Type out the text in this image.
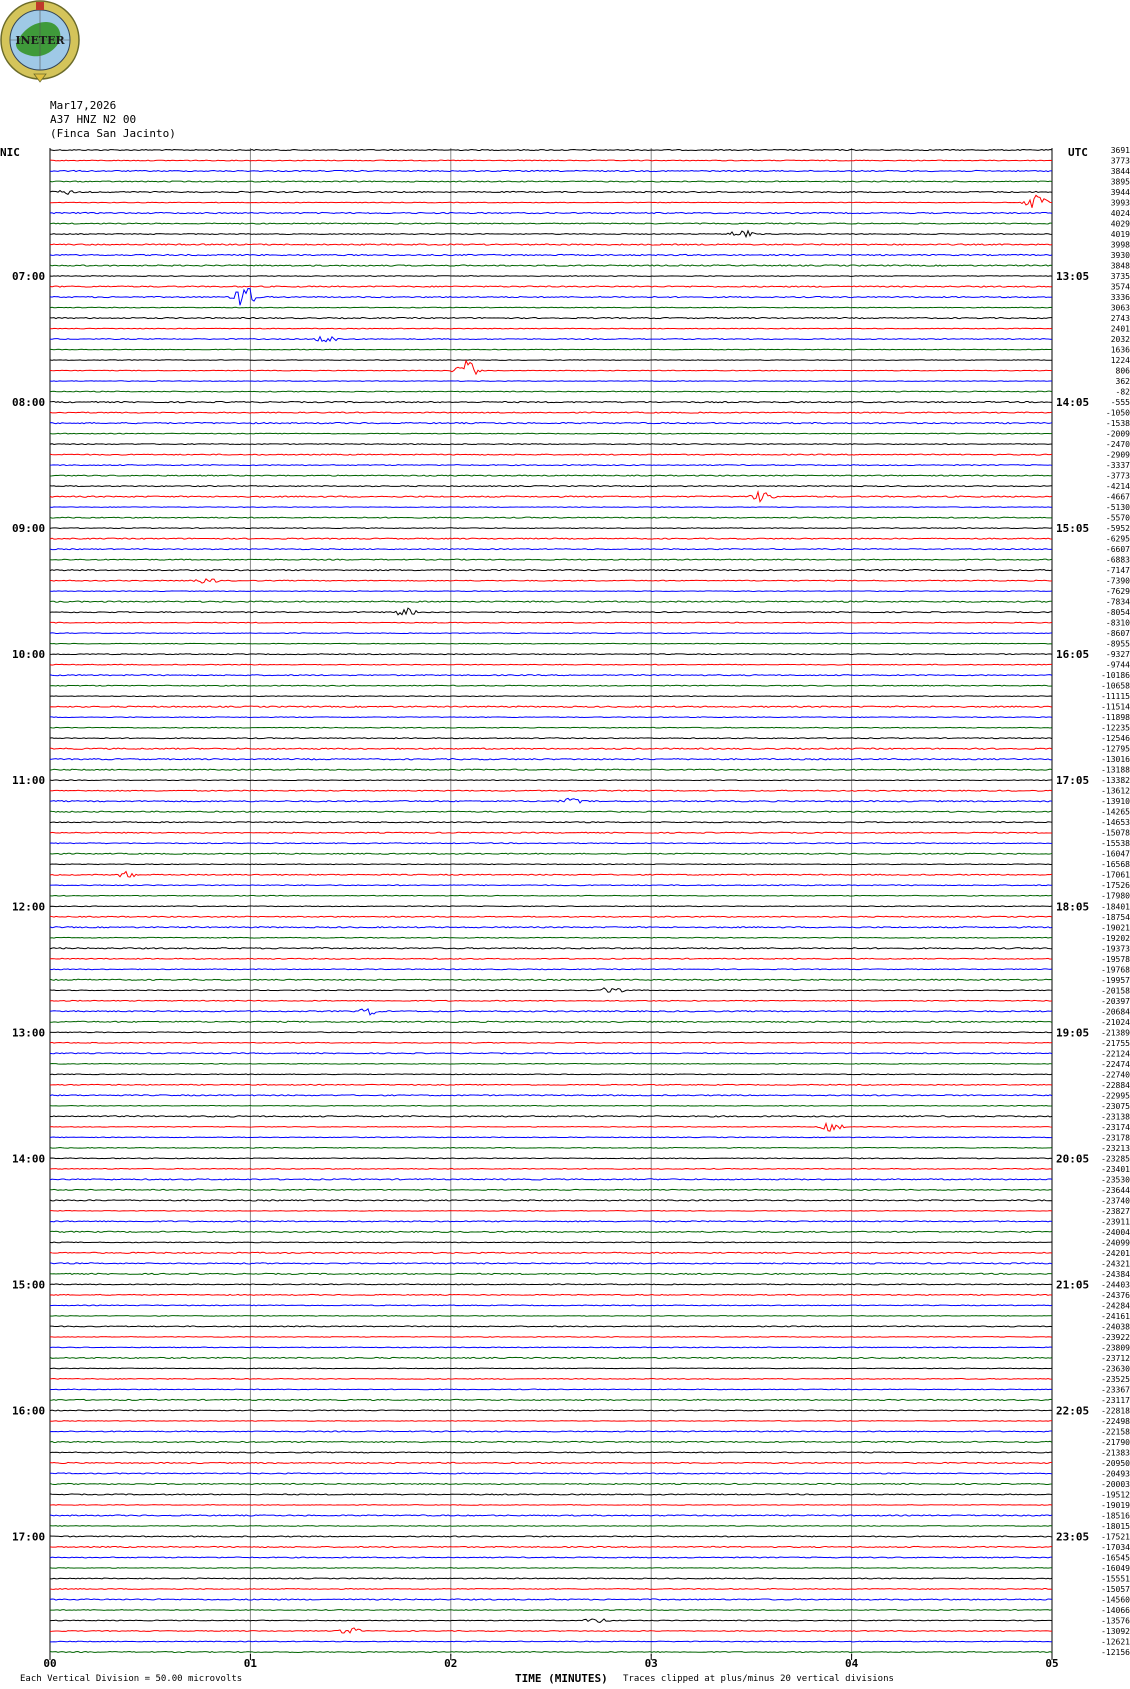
INETER
Mar17,2026
A37 HNZ N2 00
(Finca San Jacinto)
NIC	UTC
07:00
08:00
09:00
10:00
11:00
12:00
13:00
14:00
15:00
16:00
17:00
13:05
14:05
15:05
16:05
17:05
18:05
19:05
20:05
21:05
22:05
23:05
3691
3773
3844
3895
3944
3993
4024
4029
4019
3998
3930
3848
3735
3574
3336
3063
2743
2401
2032
1636
1224
806
362
-82
-555
-1050
-1538
-2009
-2470
-2909
-3337
-3773
-4214
-4667
-5130
-5570
-5952
-6295
-6607
-6883
-7147
-7390
-7629
-7834
-8054
-8310
-8607
-8955
-9327
-9744
-10186
-10658
-11115
-11514
-11898
-12235
-12546
-12795
-13016
-13188
-13382
-13612
-13910
-14265
-14653
-15078
-15538
-16047
-16568
-17061
-17526
-17980
-18401
-18754
-19021
-19202
-19373
-19578
-19768
-19957
-20158
-20397
-20684
-21024
-21389
-21755
-22124
-22474
-22740
-22884
-22995
-23075
-23138
-23174
-23178
-23213
-23285
-23401
-23530
-23644
-23740
-23827
-23911
-24004
-24099
-24201
-24321
-24384
-24403
-24376
-24284
-24161
-24038
-23922
-23809
-23712
-23630
-23525
-23367
-23117
-22818
-22498
-22158
-21790
-21383
-20950
-20493
-20003
-19512
-19019
-18516
-18015
-17521
-17034
-16545
-16049
-15551
-15057
-14560
-14066
-13576
-13092
-12621
-12156
00	01	02	03	04	05
TIME (MINUTES)
Each Vertical Division = 50.00 microvolts	Traces clipped at plus/minus 20 vertical divisions
